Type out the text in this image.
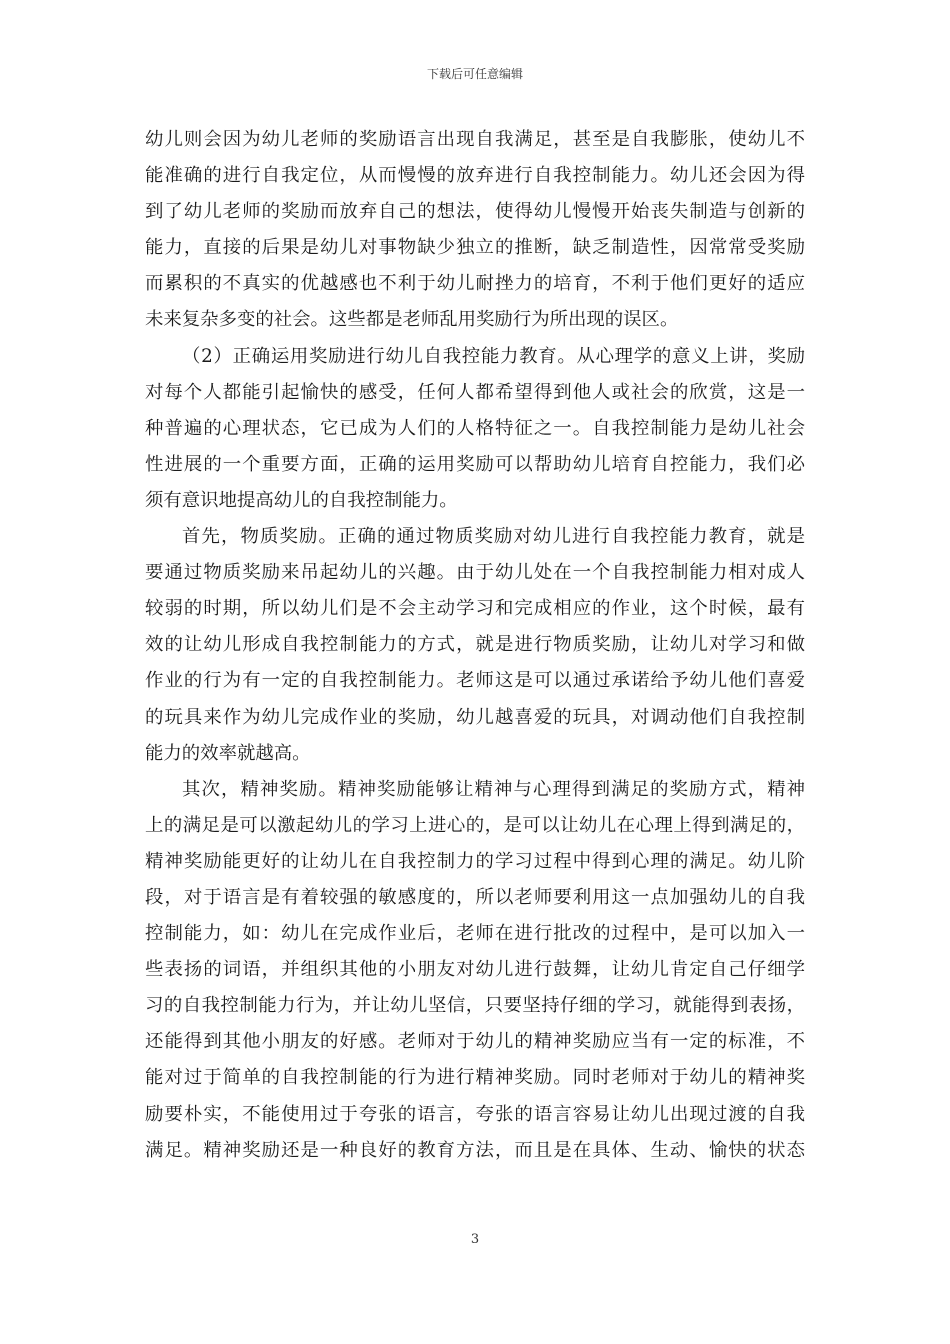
下载后可任意编辑
幼儿则会因为幼儿老师的奖励语言出现自我满足，甚至是自我膨胀，使幼儿不
能准确的进行自我定位，从而慢慢的放弃进行自我控制能力。幼儿还会因为得
到了幼儿老师的奖励而放弃自己的想法，使得幼儿慢慢开始丧失制造与创新的
能力，直接的后果是幼儿对事物缺少独立的推断，缺乏制造性，因常常受奖励
而累积的不真实的优越感也不利于幼儿耐挫力的培育，不利于他们更好的适应
未来复杂多变的社会。这些都是老师乱用奖励行为所出现的误区。
（2）正确运用奖励进行幼儿自我控能力教育。从心理学的意义上讲，奖励
对每个人都能引起愉快的感受，任何人都希望得到他人或社会的欣赏，这是一
种普遍的心理状态，它已成为人们的人格特征之一。自我控制能力是幼儿社会
性进展的一个重要方面，正确的运用奖励可以帮助幼儿培育自控能力，我们必
须有意识地提高幼儿的自我控制能力。
首先，物质奖励。正确的通过物质奖励对幼儿进行自我控能力教育，就是
要通过物质奖励来吊起幼儿的兴趣。由于幼儿处在一个自我控制能力相对成人
较弱的时期，所以幼儿们是不会主动学习和完成相应的作业，这个时候，最有
效的让幼儿形成自我控制能力的方式，就是进行物质奖励，让幼儿对学习和做
作业的行为有一定的自我控制能力。老师这是可以通过承诺给予幼儿他们喜爱
的玩具来作为幼儿完成作业的奖励，幼儿越喜爱的玩具，对调动他们自我控制
能力的效率就越高。
其次，精神奖励。精神奖励能够让精神与心理得到满足的奖励方式，精神
上的满足是可以激起幼儿的学习上进心的，是可以让幼儿在心理上得到满足的，
精神奖励能更好的让幼儿在自我控制力的学习过程中得到心理的满足。幼儿阶
段，对于语言是有着较强的敏感度的，所以老师要利用这一点加强幼儿的自我
控制能力，如：幼儿在完成作业后，老师在进行批改的过程中，是可以加入一
些表扬的词语，并组织其他的小朋友对幼儿进行鼓舞，让幼儿肯定自己仔细学
习的自我控制能力行为，并让幼儿坚信，只要坚持仔细的学习，就能得到表扬，
还能得到其他小朋友的好感。老师对于幼儿的精神奖励应当有一定的标准，不
能对过于简单的自我控制能的行为进行精神奖励。同时老师对于幼儿的精神奖
励要朴实，不能使用过于夸张的语言，夸张的语言容易让幼儿出现过渡的自我
满足。精神奖励还是一种良好的教育方法，而且是在具体、生动、愉快的状态
3
